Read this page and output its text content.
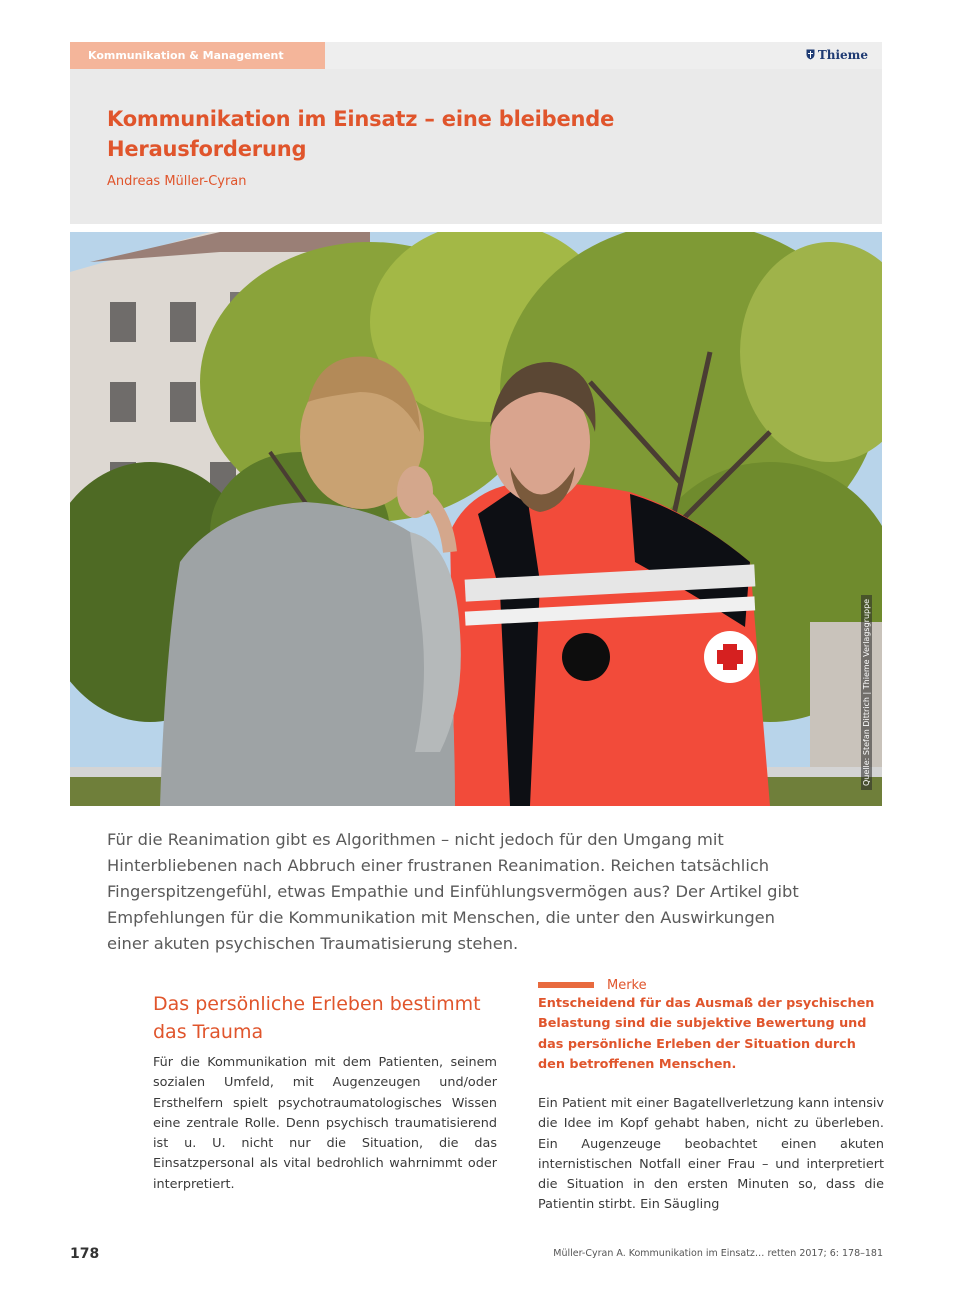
Kommunikation & Management	Thieme
Kommunikation im Einsatz – eine bleibende Herausforderung
Andreas Müller-Cyran
Quelle: Stefan Dittrich | Thieme Verlagsgruppe

Für die Reanimation gibt es Algorithmen – nicht jedoch für den Umgang mit Hinterbliebenen nach Abbruch einer frustranen Reanimation. Reichen tatsächlich Fingerspitzengefühl, etwas Empathie und Einfühlungsvermögen aus? Der Artikel gibt Empfehlungen für die Kommunikation mit Menschen, die unter den Auswirkungen einer akuten psychischen Traumatisierung stehen.

Das persönliche Erleben bestimmt das Trauma

Für die Kommunikation mit dem Patienten, seinem sozialen Umfeld, mit Augenzeugen und/oder Ersthelfern spielt psychotraumatologisches Wissen eine zentrale Rolle. Denn psychisch traumatisierend ist u. U. nicht nur die Situation, die das Einsatzpersonal als vital bedrohlich wahrnimmt oder interpretiert.

Merke

Entscheidend für das Ausmaß der psychischen Belastung sind die subjektive Bewertung und das persönliche Erleben der Situation durch den betroffenen Menschen.

Ein Patient mit einer Bagatellverletzung kann intensiv die Idee im Kopf gehabt haben, nicht zu überleben. Ein Augenzeuge beobachtet einen akuten internistischen Notfall einer Frau – und interpretiert die Situation in den ersten Minuten so, dass die Patientin stirbt. Ein Säugling

178	Müller-Cyran A. Kommunikation im Einsatz… retten 2017; 6: 178–181
